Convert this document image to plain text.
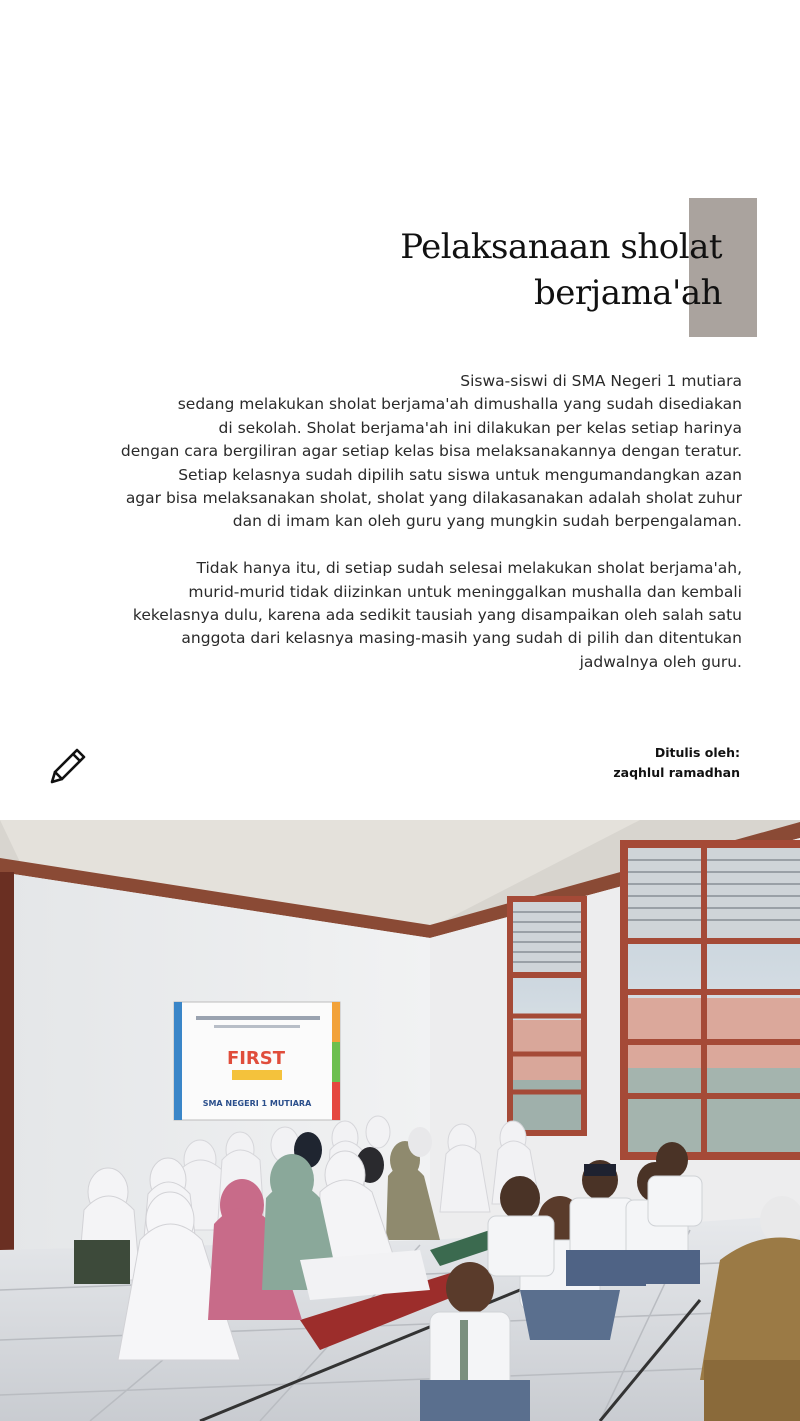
Pelaksanaan sholat
berjama'ah
Siswa-siswi di SMA Negeri 1 mutiara
sedang melakukan sholat berjama'ah dimushalla yang sudah disediakan
di sekolah. Sholat berjama'ah ini dilakukan per kelas setiap harinya
dengan cara bergiliran agar setiap kelas bisa melaksanakannya dengan teratur.
Setiap kelasnya sudah dipilih satu siswa untuk mengumandangkan azan
agar bisa melaksanakan sholat, sholat yang dilakasanakan adalah sholat zuhur
dan di imam kan oleh guru yang mungkin sudah berpengalaman.
Tidak hanya itu, di setiap sudah selesai melakukan sholat berjama'ah,
murid-murid tidak diizinkan untuk meninggalkan mushalla dan kembali
kekelasnya dulu, karena ada sedikit tausiah yang disampaikan oleh salah satu
anggota dari kelasnya masing-masih yang sudah di pilih dan ditentukan
jadwalnya oleh guru.
Ditulis oleh:
zaqhlul ramadhan
FIRST
SMA NEGERI 1 MUTIARA
